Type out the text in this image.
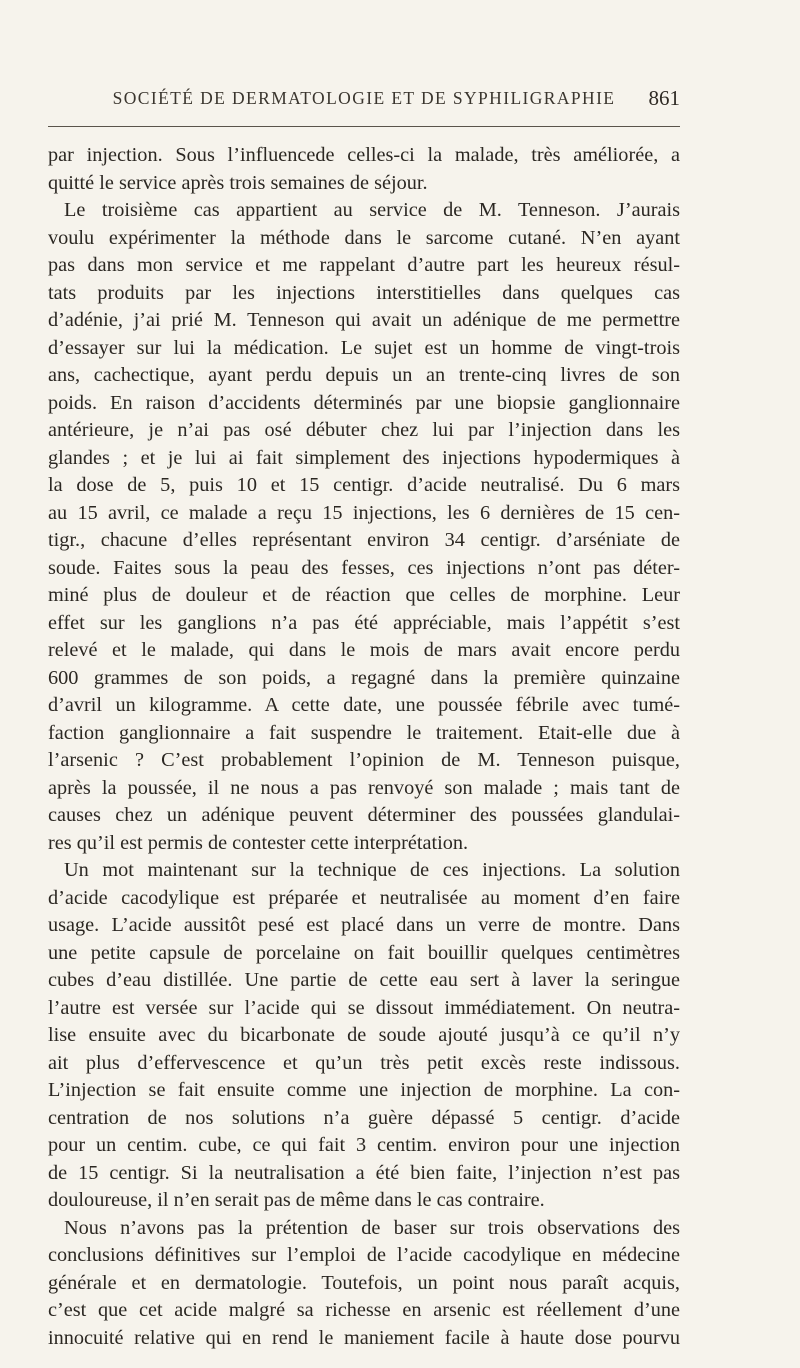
SOCIÉTÉ DE DERMATOLOGIE ET DE SYPHILIGRAPHIE	861
par injection. Sous l’influencede celles-ci la malade, très améliorée, a
quitté le service après trois semaines de séjour.
Le troisième cas appartient au service de M. Tenneson. J’aurais
voulu expérimenter la méthode dans le sarcome cutané. N’en ayant
pas dans mon service et me rappelant d’autre part les heureux résul-
tats produits par les injections interstitielles dans quelques cas
d’adénie, j’ai prié M. Tenneson qui avait un adénique de me permettre
d’essayer sur lui la médication. Le sujet est un homme de vingt-trois
ans, cachectique, ayant perdu depuis un an trente-cinq livres de son
poids. En raison d’accidents déterminés par une biopsie ganglionnaire
antérieure, je n’ai pas osé débuter chez lui par l’injection dans les
glandes ; et je lui ai fait simplement des injections hypodermiques à
la dose de 5, puis 10 et 15 centigr. d’acide neutralisé. Du 6 mars
au 15 avril, ce malade a reçu 15 injections, les 6 dernières de 15 cen-
tigr., chacune d’elles représentant environ 34 centigr. d’arséniate de
soude. Faites sous la peau des fesses, ces injections n’ont pas déter-
miné plus de douleur et de réaction que celles de morphine. Leur
effet sur les ganglions n’a pas été appréciable, mais l’appétit s’est
relevé et le malade, qui dans le mois de mars avait encore perdu
600 grammes de son poids, a regagné dans la première quinzaine
d’avril un kilogramme. A cette date, une poussée fébrile avec tumé-
faction ganglionnaire a fait suspendre le traitement. Etait-elle due à
l’arsenic ? C’est probablement l’opinion de M. Tenneson puisque,
après la poussée, il ne nous a pas renvoyé son malade ; mais tant de
causes chez un adénique peuvent déterminer des poussées glandulai-
res qu’il est permis de contester cette interprétation.
Un mot maintenant sur la technique de ces injections. La solution
d’acide cacodylique est préparée et neutralisée au moment d’en faire
usage. L’acide aussitôt pesé est placé dans un verre de montre. Dans
une petite capsule de porcelaine on fait bouillir quelques centimètres
cubes d’eau distillée. Une partie de cette eau sert à laver la seringue
l’autre est versée sur l’acide qui se dissout immédiatement. On neutra-
lise ensuite avec du bicarbonate de soude ajouté jusqu’à ce qu’il n’y
ait plus d’effervescence et qu’un très petit excès reste indissous.
L’injection se fait ensuite comme une injection de morphine. La con-
centration de nos solutions n’a guère dépassé 5 centigr. d’acide
pour un centim. cube, ce qui fait 3 centim. environ pour une injection
de 15 centigr. Si la neutralisation a été bien faite, l’injection n’est pas
douloureuse, il n’en serait pas de même dans le cas contraire.
Nous n’avons pas la prétention de baser sur trois observations des
conclusions définitives sur l’emploi de l’acide cacodylique en médecine
générale et en dermatologie. Toutefois, un point nous paraît acquis,
c’est que cet acide malgré sa richesse en arsenic est réellement d’une
innocuité relative qui en rend le maniement facile à haute dose pourvu
